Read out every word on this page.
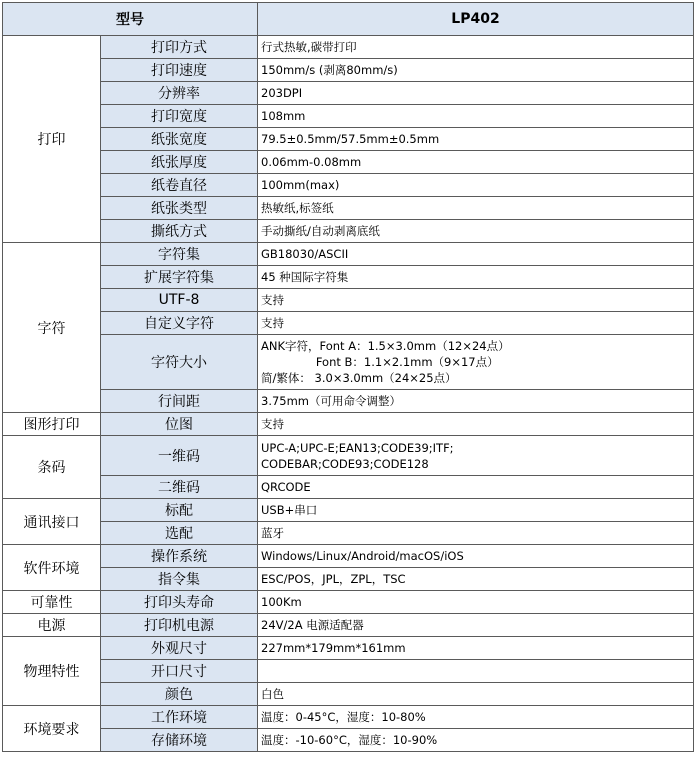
型号		LP402
打印	打印方式	行式热敏,碳带打印
	打印速度	150mm/s (剥离80mm/s)
	分辨率	203DPI
	打印宽度	108mm
	纸张宽度	79.5±0.5mm/57.5mm±0.5mm
	纸张厚度	0.06mm-0.08mm
	纸卷直径	100mm(max)
	纸张类型	热敏纸,标签纸
	撕纸方式	手动撕纸/自动剥离底纸
字符	字符集	GB18030/ASCII
	扩展字符集	45 种国际字符集
	UTF-8	支持
	自定义字符	支持
	字符大小	ANK字符，Font A：1.5×3.0mm（12×24点）
Font B：1.1×2.1mm（9×17点）
简/繁体： 3.0×3.0mm（24×25点）
	行间距	3.75mm（可用命令调整）
图形打印	位图	支持
条码	一维码	UPC-A;UPC-E;EAN13;CODE39;ITF;
CODEBAR;CODE93;CODE128
	二维码	QRCODE
通讯接口	标配	USB+串口
	选配	蓝牙
软件环境	操作系统	Windows/Linux/Android/macOS/iOS
	指令集	ESC/POS，JPL，ZPL，TSC
可靠性	打印头寿命	100Km
电源	打印机电源	24V/2A 电源适配器
物理特性	外观尺寸	227mm*179mm*161mm
	开口尺寸	
	颜色	白色
环境要求	工作环境	温度：0-45°C，湿度：10-80%
	存储环境	温度：-10-60°C，湿度：10-90%
